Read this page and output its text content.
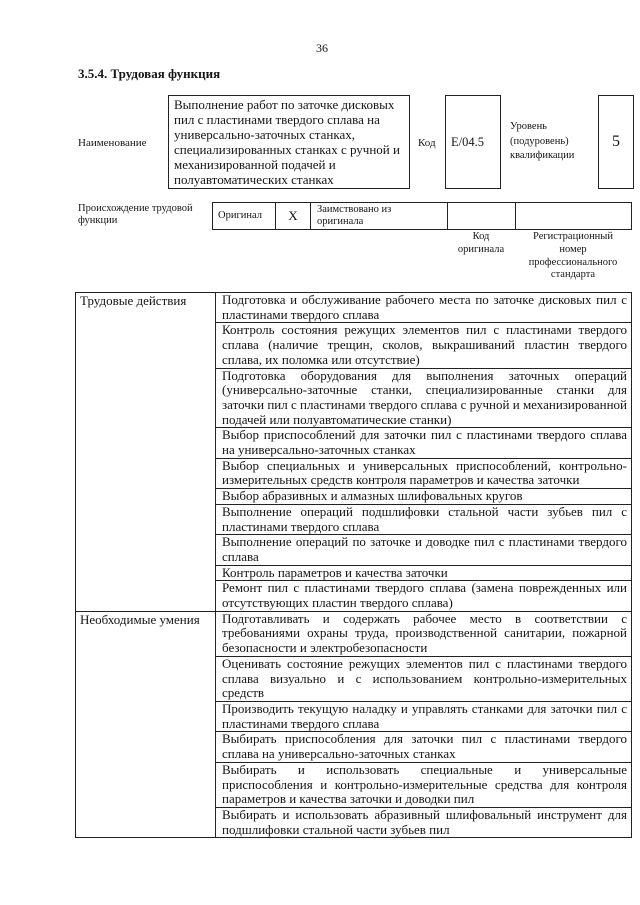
36
3.5.4. Трудовая функция
Наименование
Выполнение работ по заточке дисковых пил с пластинами твердого сплава на универсально-заточных станках, специализированных станках с ручной и механизированной подачей и полуавтоматических станках
Код E/04.5
Уровень (подуровень) квалификации
5
Происхождение трудовой функции	Оригинал	X	Заимствовано из оригинала		
Код оригинала
Регистрационный номер профессионального стандарта
Трудовые действия	Подготовка и обслуживание рабочего места по заточке дисковых пил с пластинами твердого сплава
	Контроль состояния режущих элементов пил с пластинами твердого сплава (наличие трещин, сколов, выкрашиваний пластин твердого сплава, их поломка или отсутствие)
	Подготовка оборудования для выполнения заточных операций (универсально-заточные станки, специализированные станки для заточки пил с пластинами твердого сплава с ручной и механизированной подачей или полуавтоматические станки)
	Выбор приспособлений для заточки пил с пластинами твердого сплава на универсально-заточных станках
	Выбор специальных и универсальных приспособлений, контрольно-измерительных средств контроля параметров и качества заточки
	Выбор абразивных и алмазных шлифовальных кругов
	Выполнение операций подшлифовки стальной части зубьев пил с пластинами твердого сплава
	Выполнение операций по заточке и доводке пил с пластинами твердого сплава
	Контроль параметров и качества заточки
	Ремонт пил с пластинами твердого сплава (замена поврежденных или отсутствующих пластин твердого сплава)
Необходимые умения	Подготавливать и содержать рабочее место в соответствии с требованиями охраны труда, производственной санитарии, пожарной безопасности и электробезопасности
	Оценивать состояние режущих элементов пил с пластинами твердого сплава визуально и с использованием контрольно-измерительных средств
	Производить текущую наладку и управлять станками для заточки пил с пластинами твердого сплава
	Выбирать приспособления для заточки пил с пластинами твердого сплава на универсально-заточных станках
	Выбирать и использовать специальные и универсальные приспособления и контрольно-измерительные средства для контроля параметров и качества заточки и доводки пил
	Выбирать и использовать абразивный шлифовальный инструмент для подшлифовки стальной части зубьев пил
